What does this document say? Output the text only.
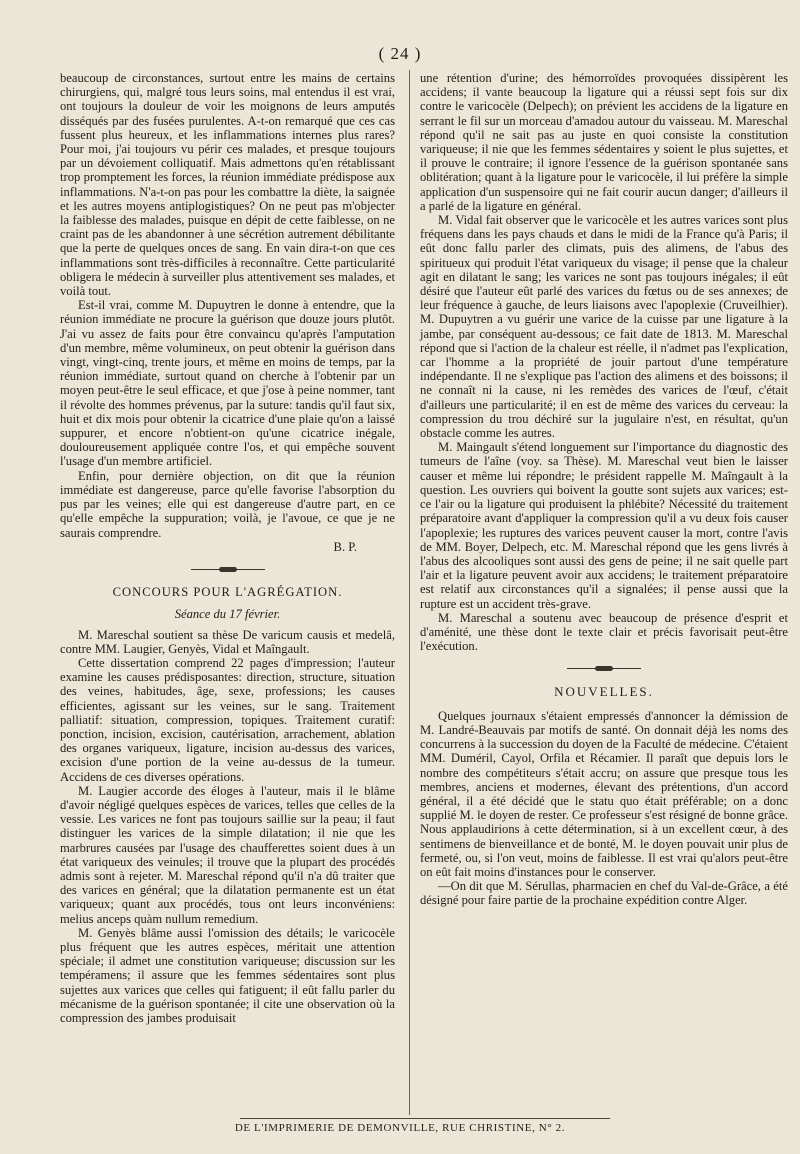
( 24 )

beaucoup de circonstances, surtout entre les mains de certains chirurgiens, qui, malgré tous leurs soins, mal entendus il est vrai, ont toujours la douleur de voir les moignons de leurs amputés disséqués par des fusées purulentes. A-t-on remarqué que ces cas fussent plus heureux, et les inflammations internes plus rares? Pour moi, j'ai toujours vu périr ces malades, et presque toujours par un dévoiement colliquatif. Mais admettons qu'en rétablissant trop promptement les forces, la réunion immédiate prédispose aux inflammations. N'a-t-on pas pour les combattre la diète, la saignée et les autres moyens antiplogistiques? On ne peut pas m'objecter la faiblesse des malades, puisque en dépit de cette faiblesse, on ne craint pas de les abandonner à une sécrétion autrement débilitante que la perte de quelques onces de sang. En vain dira-t-on que ces inflammations sont très-difficiles à reconnaître. Cette particularité obligera le médecin à surveiller plus attentivement ses malades, et voilà tout.

Est-il vrai, comme M. Dupuytren le donne à entendre, que la réunion immédiate ne procure la guérison que douze jours plutôt. J'ai vu assez de faits pour être convaincu qu'après l'amputation d'un membre, même volumineux, on peut obtenir la guérison dans vingt, vingt-cinq, trente jours, et même en moins de temps, par la réunion immédiate, surtout quand on cherche à l'obtenir par un moyen peut-être le seul efficace, et que j'ose à peine nommer, tant il révolte des hommes prévenus, par la suture: tandis qu'il faut six, huit et dix mois pour obtenir la cicatrice d'une plaie qu'on a laissé suppurer, et encore n'obtient-on qu'une cicatrice inégale, douloureusement appliquée contre l'os, et qui empêche souvent l'usage d'un membre artificiel.

Enfin, pour dernière objection, on dit que la réunion immédiate est dangereuse, parce qu'elle favorise l'absorption du pus par les veines; elle qui est dangereuse d'autre part, en ce qu'elle empêche la suppuration; voilà, je l'avoue, ce que je ne saurais comprendre.

B. P.
CONCOURS POUR L'AGRÉGATION.
Séance du 17 février.

M. Mareschal soutient sa thèse De varicum causis et medelâ, contre MM. Laugier, Genyès, Vidal et Maîngault.

Cette dissertation comprend 22 pages d'impression; l'auteur examine les causes prédisposantes: direction, structure, situation des veines, habitudes, âge, sexe, professions; les causes efficientes, agissant sur les veines, sur le sang. Traitement palliatif: situation, compression, topiques. Traitement curatif: ponction, incision, excision, cautérisation, arrachement, ablation des organes variqueux, ligature, incision au-dessus des varices, excision d'une portion de la veine au-dessus de la tumeur. Accidens de ces diverses opérations.

M. Laugier accorde des éloges à l'auteur, mais il le blâme d'avoir négligé quelques espèces de varices, telles que celles de la vessie. Les varices ne font pas toujours saillie sur la peau; il faut distinguer les varices de la simple dilatation; il nie que les marbrures causées par l'usage des chaufferettes soient dues à un état variqueux des veinules; il trouve que la plupart des procédés admis sont à rejeter. M. Mareschal répond qu'il n'a dû traiter que des varices en général; que la dilatation permanente est un état variqueux; quant aux procédés, tous ont leurs inconvéniens: melius anceps quàm nullum remedium.

M. Genyès blâme aussi l'omission des détails; le varicocèle plus fréquent que les autres espèces, méritait une attention spéciale; il admet une constitution variqueuse; discussion sur les tempéramens; il assure que les femmes sédentaires sont plus sujettes aux varices que celles qui fatiguent; il eût fallu parler du mécanisme de la guérison spontanée; il cite une observation où la compression des jambes produisait

une rétention d'urine; des hémorroïdes provoquées dissipèrent les accidens; il vante beaucoup la ligature qui a réussi sept fois sur dix contre le varicocèle (Delpech); on prévient les accidens de la ligature en serrant le fil sur un morceau d'amadou autour du vaisseau. M. Mareschal répond qu'il ne sait pas au juste en quoi consiste la constitution variqueuse; il nie que les femmes sédentaires y soient le plus sujettes, et il prouve le contraire; il ignore l'essence de la guérison spontanée sans oblitération; quant à la ligature pour le varicocèle, il lui préfère la simple application d'un suspensoire qui ne fait courir aucun danger; d'ailleurs il a parlé de la ligature en général.

M. Vidal fait observer que le varicocèle et les autres varices sont plus fréquens dans les pays chauds et dans le midi de la France qu'à Paris; il eût donc fallu parler des climats, puis des alimens, de l'abus des spiritueux qui produit l'état variqueux du visage; il pense que la chaleur agit en dilatant le sang; les varices ne sont pas toujours inégales; il eût désiré que l'auteur eût parlé des varices du fœtus ou de ses annexes; de leur fréquence à gauche, de leurs liaisons avec l'apoplexie (Cruveilhier). M. Dupuytren a vu guérir une varice de la cuisse par une ligature à la jambe, par conséquent au-dessous; ce fait date de 1813. M. Mareschal répond que si l'action de la chaleur est réelle, il n'admet pas l'explication, car l'homme a la propriété de jouir partout d'une température indépendante. Il ne s'explique pas l'action des alimens et des boissons; il ne connaît ni la cause, ni les remèdes des varices de l'œuf, c'était d'ailleurs une particularité; il en est de même des varices du cerveau: la compression du trou déchiré sur la jugulaire n'est, en résultat, qu'un obstacle comme les autres.

M. Maingault s'étend longuement sur l'importance du diagnostic des tumeurs de l'aîne (voy. sa Thèse). M. Mareschal veut bien le laisser causer et même lui répondre; le président rappelle M. Maîngault à la question. Les ouvriers qui boivent la goutte sont sujets aux varices; est-ce l'air ou la ligature qui produisent la phlébite? Nécessité du traitement préparatoire avant d'appliquer la compression qu'il a vu deux fois causer l'apoplexie; les ruptures des varices peuvent causer la mort, contre l'avis de MM. Boyer, Delpech, etc. M. Mareschal répond que les gens livrés à l'abus des alcooliques sont aussi des gens de peine; il ne sait quelle part l'air et la ligature peuvent avoir aux accidens; le traitement préparatoire est relatif aux circonstances qu'il a signalées; il pense aussi que la rupture est un accident très-grave.

M. Mareschal a soutenu avec beaucoup de présence d'esprit et d'aménité, une thèse dont le texte clair et précis favorisait peut-être l'exécution.

NOUVELLES.

Quelques journaux s'étaient empressés d'annoncer la démission de M. Landré-Beauvais par motifs de santé. On donnait déjà les noms des concurrens à la succession du doyen de la Faculté de médecine. C'étaient MM. Duméril, Cayol, Orfila et Récamier. Il paraît que depuis lors le nombre des compétiteurs s'était accru; on assure que presque tous les membres, anciens et modernes, élevant des prétentions, d'un accord général, il a été décidé que le statu quo était préférable; on a donc supplié M. le doyen de rester. Ce professeur s'est résigné de bonne grâce. Nous applaudirions à cette détermination, si à un excellent cœur, à des sentimens de bienveillance et de bonté, M. le doyen pouvait unir plus de fermeté, ou, si l'on veut, moins de faiblesse. Il est vrai qu'alors peut-être on eût fait moins d'instances pour le conserver.

—On dit que M. Sérullas, pharmacien en chef du Val-de-Grâce, a été désigné pour faire partie de la prochaine expédition contre Alger.

DE L'IMPRIMERIE DE DEMONVILLE, RUE CHRISTINE, N° 2.
